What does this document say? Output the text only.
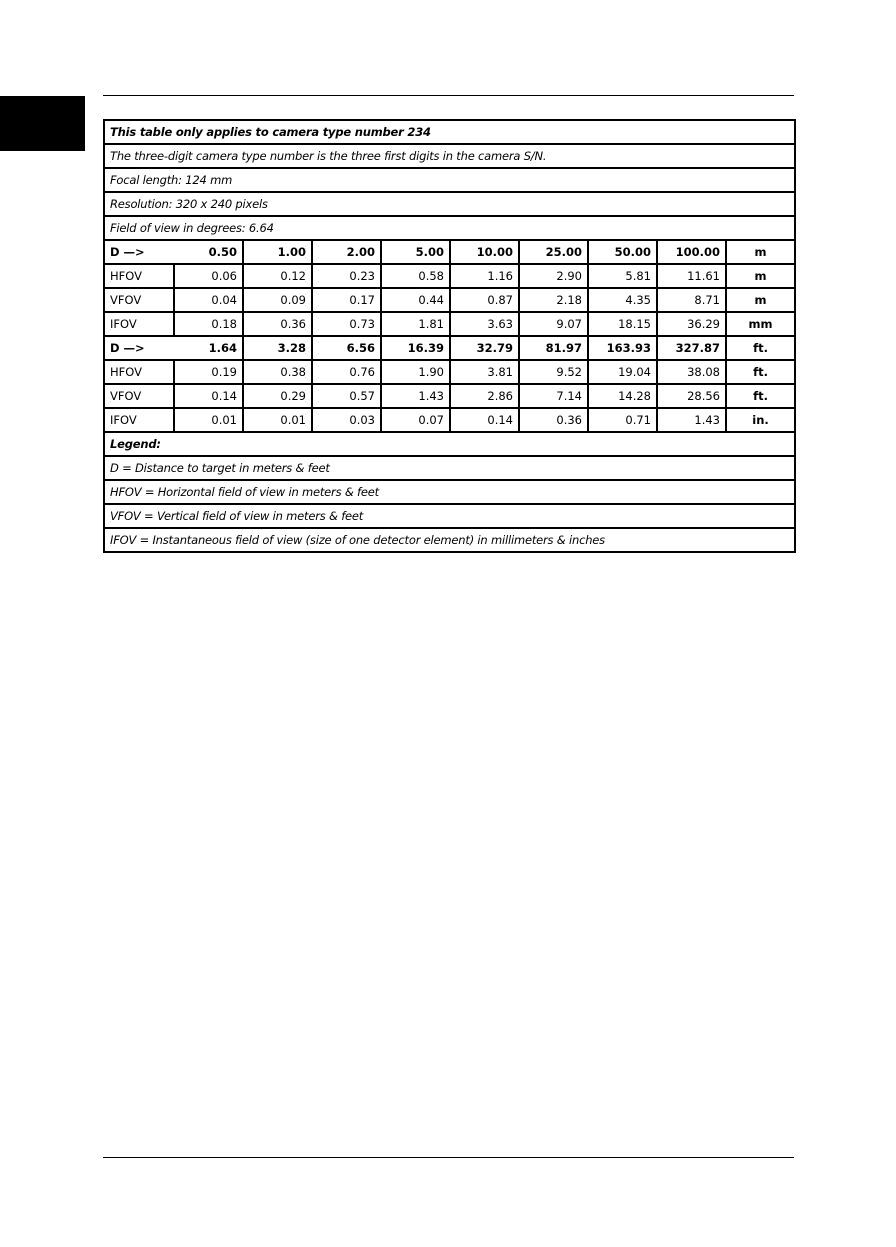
This table only applies to camera type number 234									
The three-digit camera type number is the three first digits in the camera S/N.									
Focal length: 124 mm									
Resolution: 320 x 240 pixels									
Field of view in degrees: 6.64									
D —>	0.50	1.00	2.00	5.00	10.00	25.00	50.00	100.00	m
HFOV	0.06	0.12	0.23	0.58	1.16	2.90	5.81	11.61	m
VFOV	0.04	0.09	0.17	0.44	0.87	2.18	4.35	8.71	m
IFOV	0.18	0.36	0.73	1.81	3.63	9.07	18.15	36.29	mm
D —>	1.64	3.28	6.56	16.39	32.79	81.97	163.93	327.87	ft.
HFOV	0.19	0.38	0.76	1.90	3.81	9.52	19.04	38.08	ft.
VFOV	0.14	0.29	0.57	1.43	2.86	7.14	14.28	28.56	ft.
IFOV	0.01	0.01	0.03	0.07	0.14	0.36	0.71	1.43	in.
Legend:									
D = Distance to target in meters & feet									
HFOV = Horizontal field of view in meters & feet									
VFOV = Vertical field of view in meters & feet									
IFOV = Instantaneous field of view (size of one detector element) in millimeters & inches									
